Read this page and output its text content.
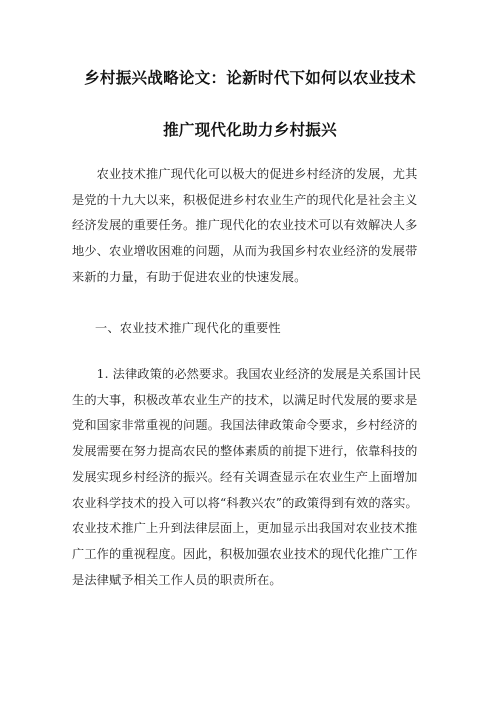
乡村振兴战略论文：论新时代下如何以农业技术
推广现代化助力乡村振兴

　　农业技术推广现代化可以极大的促进乡村经济的发展，尤其
是党的十九大以来，积极促进乡村农业生产的现代化是社会主义
经济发展的重要任务。推广现代化的农业技术可以有效解决人多
地少、农业增收困难的问题，从而为我国乡村农业经济的发展带
来新的力量，有助于促进农业的快速发展。

一、农业技术推广现代化的重要性

　　1. 法律政策的必然要求。我国农业经济的发展是关系国计民
生的大事，积极改革农业生产的技术，以满足时代发展的要求是
党和国家非常重视的问题。我国法律政策命令要求，乡村经济的
发展需要在努力提高农民的整体素质的前提下进行，依靠科技的
发展实现乡村经济的振兴。经有关调查显示在农业生产上面增加
农业科学技术的投入可以将“科教兴农”的政策得到有效的落实。
农业技术推广上升到法律层面上，更加显示出我国对农业技术推
广工作的重视程度。因此，积极加强农业技术的现代化推广工作
是法律赋予相关工作人员的职责所在。
